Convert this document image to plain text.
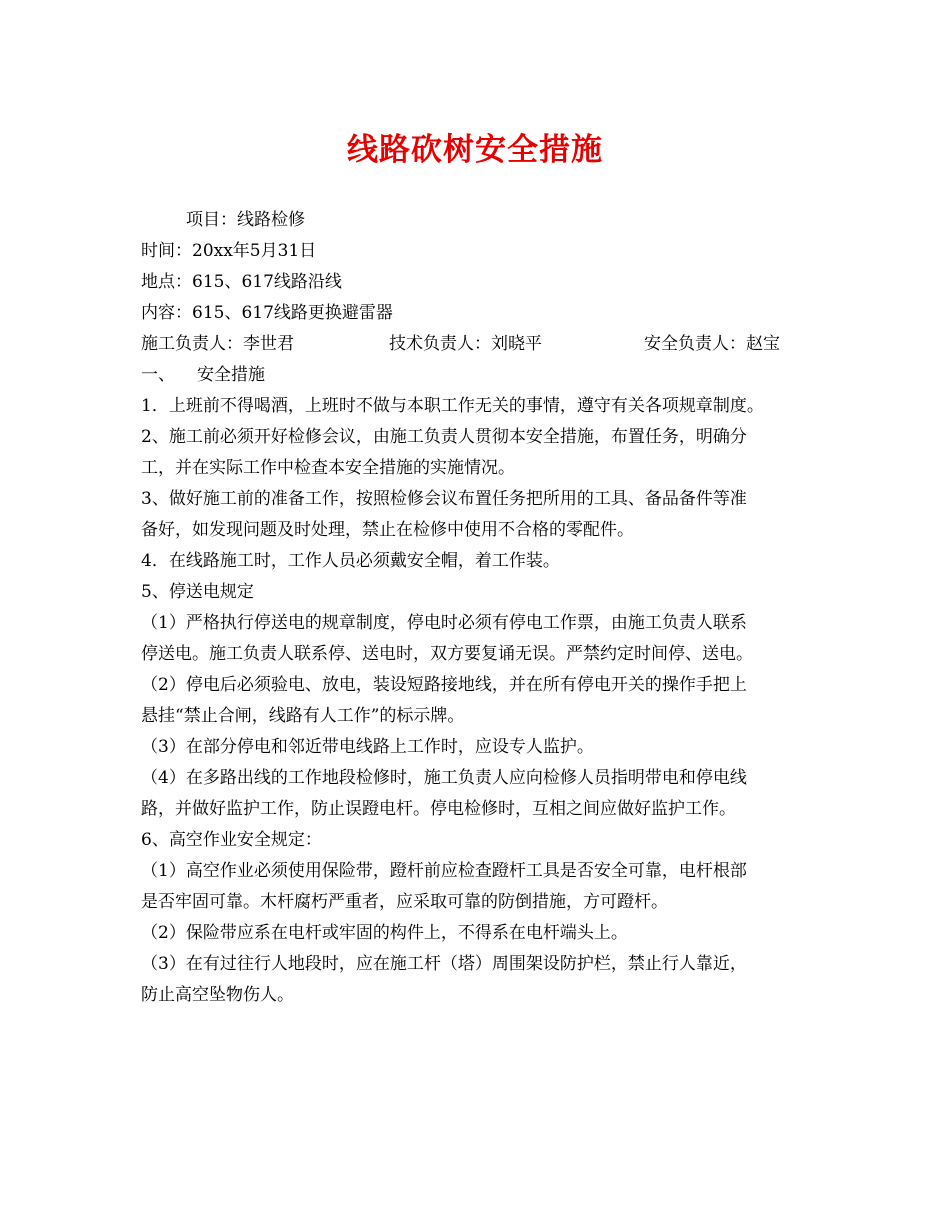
线路砍树安全措施
项目：线路检修
时间：20xx年5月31日
地点：615、617线路沿线
内容：615、617线路更换避雷器
施工负责人：李世君	技术负责人：刘晓平	安全负责人：赵宝
一、 安全措施
1．上班前不得喝酒，上班时不做与本职工作无关的事情，遵守有关各项规章制度。
2、施工前必须开好检修会议，由施工负责人贯彻本安全措施，布置任务，明确分
工，并在实际工作中检查本安全措施的实施情况。
3、做好施工前的准备工作，按照检修会议布置任务把所用的工具、备品备件等准
备好，如发现问题及时处理，禁止在检修中使用不合格的零配件。
4．在线路施工时，工作人员必须戴安全帽，着工作装。
5、停送电规定
（1）严格执行停送电的规章制度，停电时必须有停电工作票，由施工负责人联系
停送电。施工负责人联系停、送电时，双方要复诵无误。严禁约定时间停、送电。
（2）停电后必须验电、放电，装设短路接地线，并在所有停电开关的操作手把上
悬挂“禁止合闸，线路有人工作”的标示牌。
（3）在部分停电和邻近带电线路上工作时，应设专人监护。
（4）在多路出线的工作地段检修时，施工负责人应向检修人员指明带电和停电线
路，并做好监护工作，防止误蹬电杆。停电检修时，互相之间应做好监护工作。
6、高空作业安全规定：
（1）高空作业必须使用保险带，蹬杆前应检查蹬杆工具是否安全可靠，电杆根部
是否牢固可靠。木杆腐朽严重者，应采取可靠的防倒措施，方可蹬杆。
（2）保险带应系在电杆或牢固的构件上，不得系在电杆端头上。
（3）在有过往行人地段时，应在施工杆（塔）周围架设防护栏，禁止行人靠近，
防止高空坠物伤人。
